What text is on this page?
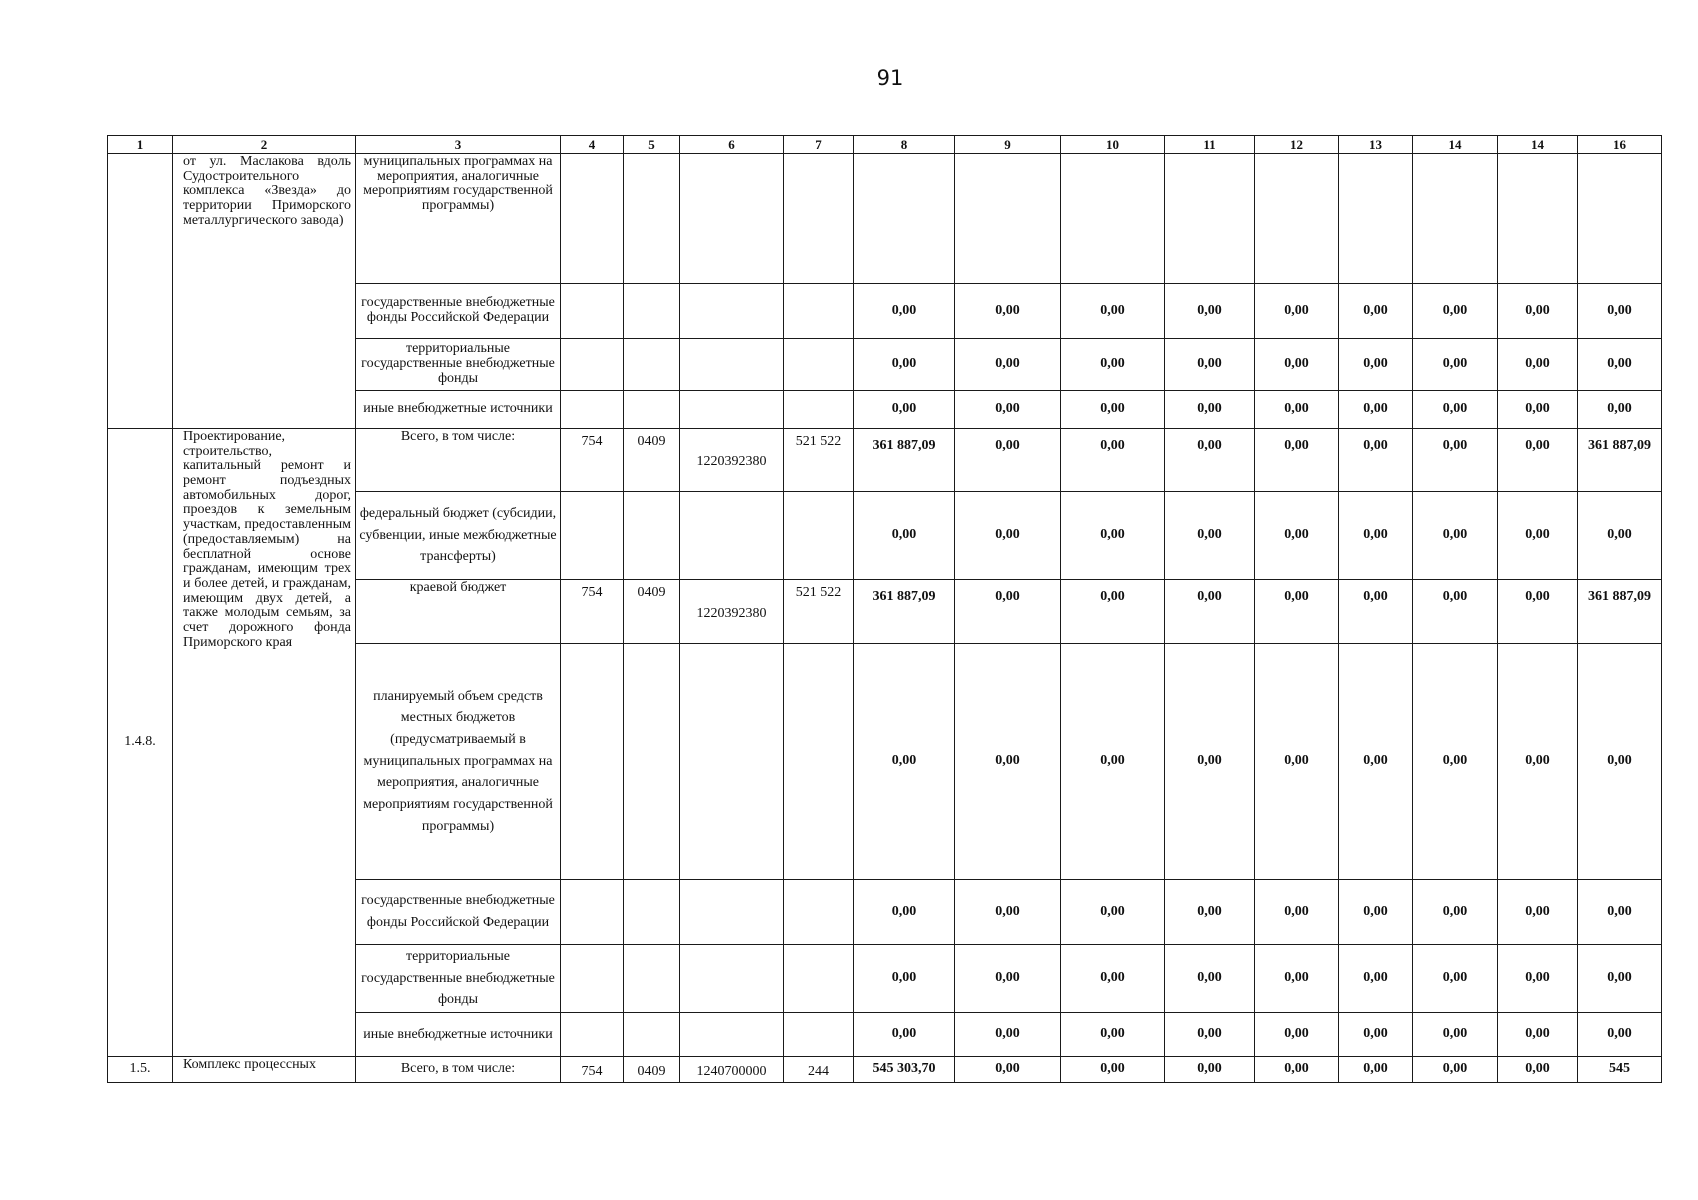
91
1	2	3	4	5	6	7	8	9	10	11	12	13	14	14	16
	от ул. Маслакова вдоль Судостроительного комплекса «Звезда» до территории Приморского металлургического завода)	муниципальных программах на мероприятия, аналогичные мероприятиям государственной программы)													
		государственные внебюджетные фонды Российской Федерации					0,00	0,00	0,00	0,00	0,00	0,00	0,00	0,00	0,00
		территориальные государственные внебюджетные фонды					0,00	0,00	0,00	0,00	0,00	0,00	0,00	0,00	0,00
		иные внебюджетные источники					0,00	0,00	0,00	0,00	0,00	0,00	0,00	0,00	0,00
1.4.8.	Проектирование, строительство, капитальный ремонт и ремонт подъездных автомобильных дорог, проездов к земельным участкам, предоставленным (предоставляемым) на бесплатной основе гражданам, имеющим трех и более детей, и гражданам, имеющим двух детей, а также молодым семьям, за счет дорожного фонда Приморского края	Всего, в том числе:	754	0409	1220392380	521 522	361 887,09	0,00	0,00	0,00	0,00	0,00	0,00	0,00	361 887,09
		федеральный бюджет (субсидии, субвенции, иные межбюджетные трансферты)					0,00	0,00	0,00	0,00	0,00	0,00	0,00	0,00	0,00
		краевой бюджет	754	0409	1220392380	521 522	361 887,09	0,00	0,00	0,00	0,00	0,00	0,00	0,00	361 887,09
		планируемый объем средств местных бюджетов (предусматриваемый в муниципальных программах на мероприятия, аналогичные мероприятиям государственной программы)					0,00	0,00	0,00	0,00	0,00	0,00	0,00	0,00	0,00
		государственные внебюджетные фонды Российской Федерации					0,00	0,00	0,00	0,00	0,00	0,00	0,00	0,00	0,00
		территориальные государственные внебюджетные фонды					0,00	0,00	0,00	0,00	0,00	0,00	0,00	0,00	0,00
		иные внебюджетные источники					0,00	0,00	0,00	0,00	0,00	0,00	0,00	0,00	0,00
1.5.	Комплекс процессных	Всего, в том числе:	754	0409	1240700000	244	545 303,70	0,00	0,00	0,00	0,00	0,00	0,00	0,00	545
